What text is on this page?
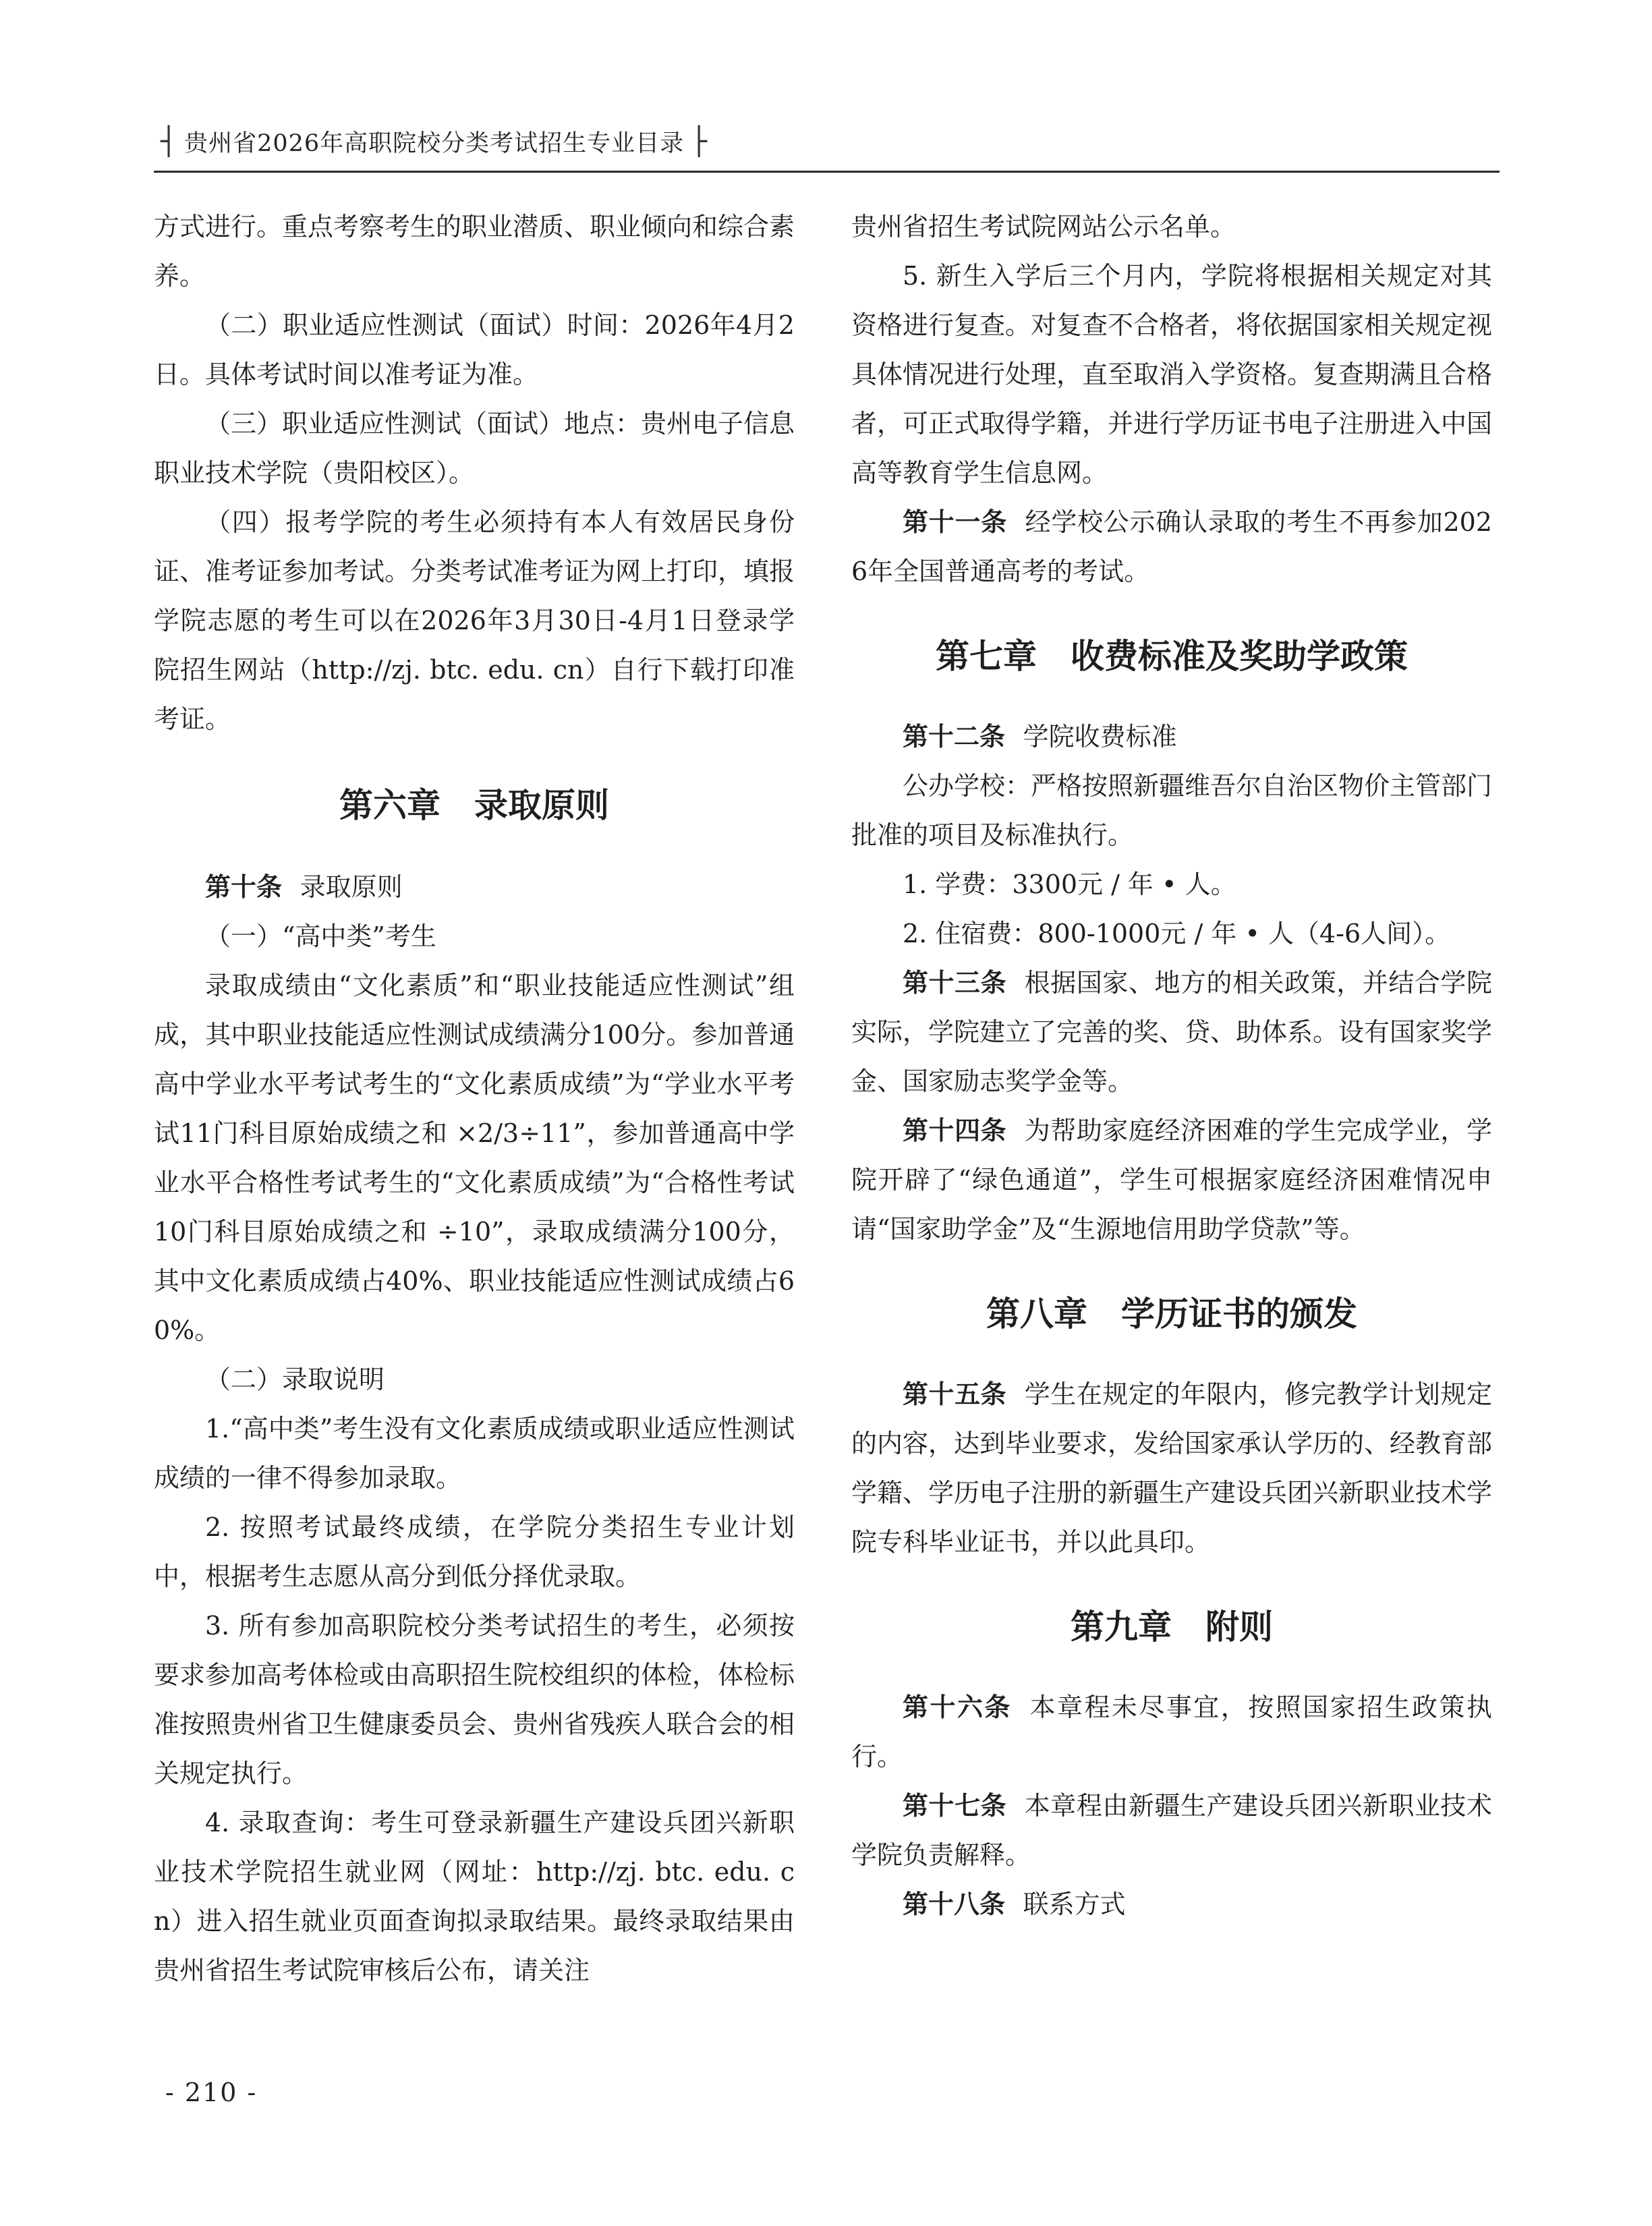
┤ 贵州省2026年高职院校分类考试招生专业目录 ├

方式进行。重点考察考生的职业潜质、职业倾向和综合素养。

（二）职业适应性测试（面试）时间：2026年4月2日。具体考试时间以准考证为准。

（三）职业适应性测试（面试）地点：贵州电子信息职业技术学院（贵阳校区）。

（四）报考学院的考生必须持有本人有效居民身份证、准考证参加考试。分类考试准考证为网上打印，填报学院志愿的考生可以在2026年3月30日-4月1日登录学院招生网站（http://zj. btc. edu. cn）自行下载打印准考证。

第六章 录取原则

第十条 录取原则

（一）“高中类”考生

录取成绩由“文化素质”和“职业技能适应性测试”组成，其中职业技能适应性测试成绩满分100分。参加普通高中学业水平考试考生的“文化素质成绩”为“学业水平考试11门科目原始成绩之和 ×2/3÷11”，参加普通高中学业水平合格性考试考生的“文化素质成绩”为“合格性考试10门科目原始成绩之和 ÷10”，录取成绩满分100分，其中文化素质成绩占40%、职业技能适应性测试成绩占60%。

（二）录取说明

1.“高中类”考生没有文化素质成绩或职业适应性测试成绩的一律不得参加录取。

2. 按照考试最终成绩，在学院分类招生专业计划中，根据考生志愿从高分到低分择优录取。

3. 所有参加高职院校分类考试招生的考生，必须按要求参加高考体检或由高职招生院校组织的体检，体检标准按照贵州省卫生健康委员会、贵州省残疾人联合会的相关规定执行。

4. 录取查询：考生可登录新疆生产建设兵团兴新职业技术学院招生就业网（网址：http://zj. btc. edu. cn）进入招生就业页面查询拟录取结果。最终录取结果由贵州省招生考试院审核后公布，请关注

贵州省招生考试院网站公示名单。

5. 新生入学后三个月内，学院将根据相关规定对其资格进行复查。对复查不合格者，将依据国家相关规定视具体情况进行处理，直至取消入学资格。复查期满且合格者，可正式取得学籍，并进行学历证书电子注册进入中国高等教育学生信息网。

第十一条 经学校公示确认录取的考生不再参加2026年全国普通高考的考试。

第七章 收费标准及奖助学政策

第十二条 学院收费标准

公办学校：严格按照新疆维吾尔自治区物价主管部门批准的项目及标准执行。

1. 学费：3300元 / 年 • 人。

2. 住宿费：800-1000元 / 年 • 人（4-6人间）。

第十三条 根据国家、地方的相关政策，并结合学院实际，学院建立了完善的奖、贷、助体系。设有国家奖学金、国家励志奖学金等。

第十四条 为帮助家庭经济困难的学生完成学业，学院开辟了“绿色通道”，学生可根据家庭经济困难情况申请“国家助学金”及“生源地信用助学贷款”等。

第八章 学历证书的颁发

第十五条 学生在规定的年限内，修完教学计划规定的内容，达到毕业要求，发给国家承认学历的、经教育部学籍、学历电子注册的新疆生产建设兵团兴新职业技术学院专科毕业证书，并以此具印。

第九章 附则

第十六条 本章程未尽事宜，按照国家招生政策执行。

第十七条 本章程由新疆生产建设兵团兴新职业技术学院负责解释。

第十八条 联系方式

- 210 -
